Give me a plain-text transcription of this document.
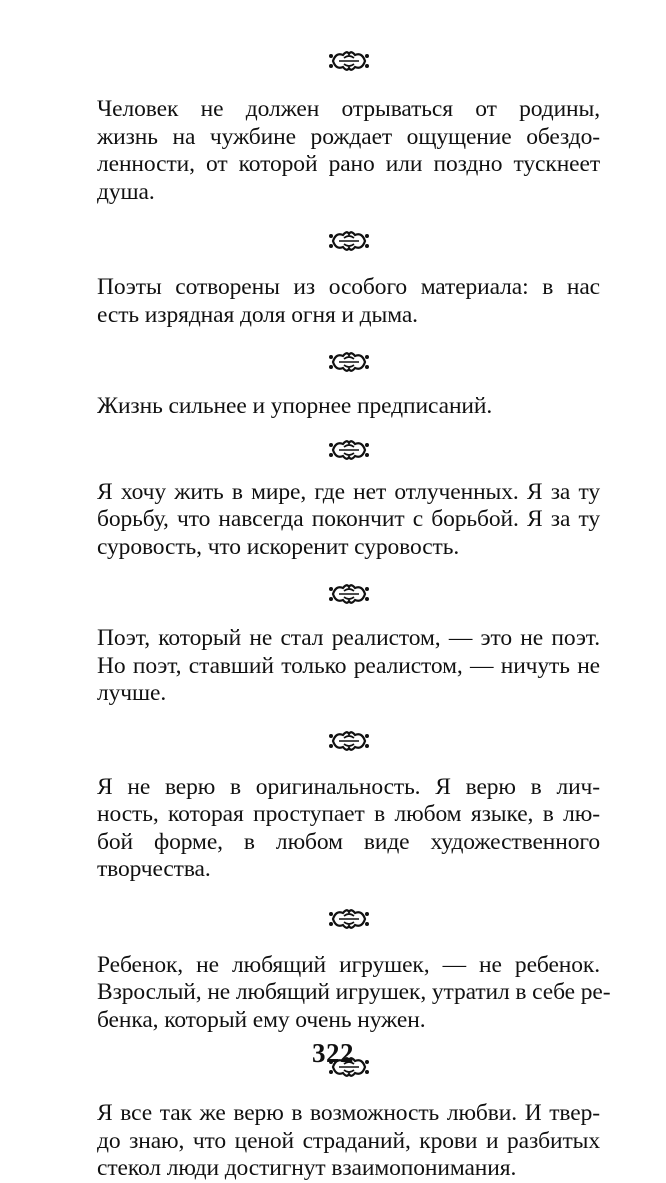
Человек не должен отрываться от родины,
жизнь на чужбине рождает ощущение обездо-
ленности, от которой рано или поздно тускнеет
душа.

Поэты сотворены из особого материала: в нас
есть изрядная доля огня и дыма.

Жизнь сильнее и упорнее предписаний.

Я хочу жить в мире, где нет отлученных. Я за ту
борьбу, что навсегда покончит с борьбой. Я за ту
суровость, что искоренит суровость.

Поэт, который не стал реалистом, — это не поэт.
Но поэт, ставший только реалистом, — ничуть не
лучше.

Я не верю в оригинальность. Я верю в лич-
ность, которая проступает в любом языке, в лю-
бой форме, в любом виде художественного
творчества.

Ребенок, не любящий игрушек, — не ребенок.
Взрослый, не любящий игрушек, утратил в себе ре-
бенка, который ему очень нужен.

Я все так же верю в возможность любви. И твер-
до знаю, что ценой страданий, крови и разбитых
стекол люди достигнут взаимопонимания.

322
